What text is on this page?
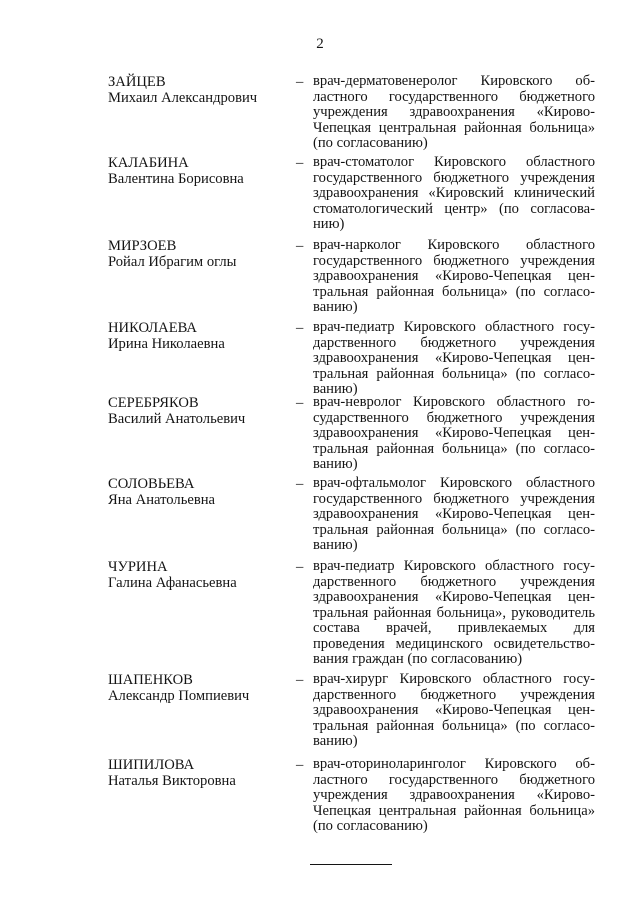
2
ЗАЙЦЕВ
Михаил Александрович
– врач-дерматовенеролог Кировского областного государственного бюджетного учреждения здравоохранения «Кирово-Чепецкая центральная районная больница» (по согласованию)
КАЛАБИНА
Валентина Борисовна
– врач-стоматолог Кировского областного государственного бюджетного учреждения здравоохранения «Кировский клинический стоматологический центр» (по согласованию)
МИРЗОЕВ
Ройал Ибрагим оглы
– врач-нарколог Кировского областного государственного бюджетного учреждения здравоохранения «Кирово-Чепецкая центральная районная больница» (по согласованию)
НИКОЛАЕВА
Ирина Николаевна
– врач-педиатр Кировского областного государственного бюджетного учреждения здравоохранения «Кирово-Чепецкая центральная районная больница» (по согласованию)
СЕРЕБРЯКОВ
Василий Анатольевич
– врач-невролог Кировского областного государственного бюджетного учреждения здравоохранения «Кирово-Чепецкая центральная районная больница» (по согласованию)
СОЛОВЬЕВА
Яна Анатольевна
– врач-офтальмолог Кировского областного государственного бюджетного учреждения здравоохранения «Кирово-Чепецкая центральная районная больница» (по согласованию)
ЧУРИНА
Галина Афанасьевна
– врач-педиатр Кировского областного государственного бюджетного учреждения здравоохранения «Кирово-Чепецкая центральная районная больница», руководитель состава врачей, привлекаемых для проведения медицинского освидетельствования граждан (по согласованию)
ШАПЕНКОВ
Александр Помпиевич
– врач-хирург Кировского областного государственного бюджетного учреждения здравоохранения «Кирово-Чепецкая центральная районная больница» (по согласованию)
ШИПИЛОВА
Наталья Викторовна
– врач-оториноларинголог Кировского областного государственного бюджетного учреждения здравоохранения «Кирово-Чепецкая центральная районная больница» (по согласованию)
